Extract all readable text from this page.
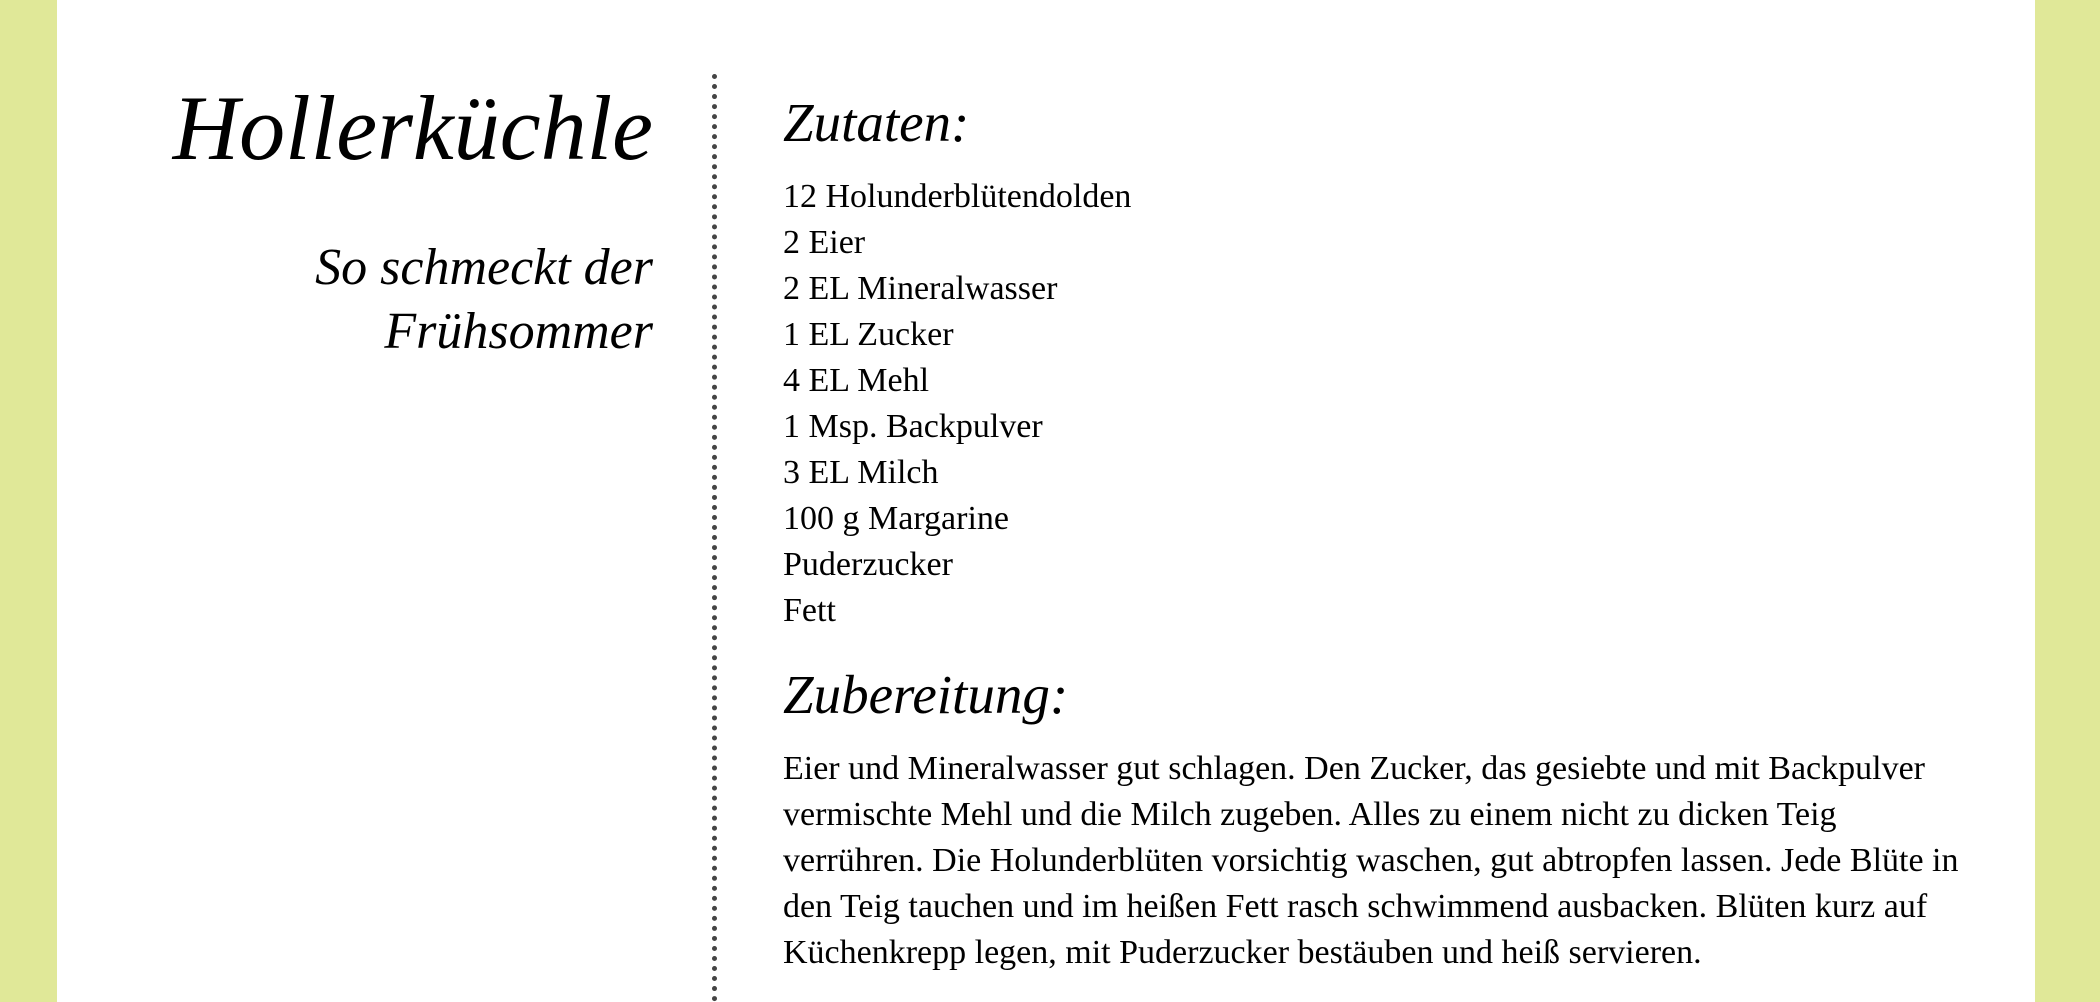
Hollerküchle
So schmeckt der
Frühsommer
Zutaten:
12 Holunderblütendolden
2 Eier
2 EL Mineralwasser
1 EL Zucker
4 EL Mehl
1 Msp. Backpulver
3 EL Milch
100 g Margarine
Puderzucker
Fett
Zubereitung:

Eier und Mineralwasser gut schlagen. Den Zucker, das gesiebte und mit Backpulver vermischte Mehl und die Milch zugeben. Alles zu einem nicht zu dicken Teig verrühren. Die Holunderblüten vorsichtig waschen, gut abtropfen lassen. Jede Blüte in den Teig tauchen und im heißen Fett rasch schwimmend ausbacken. Blüten kurz auf Küchenkrepp legen, mit Puderzucker bestäuben und heiß servieren.
